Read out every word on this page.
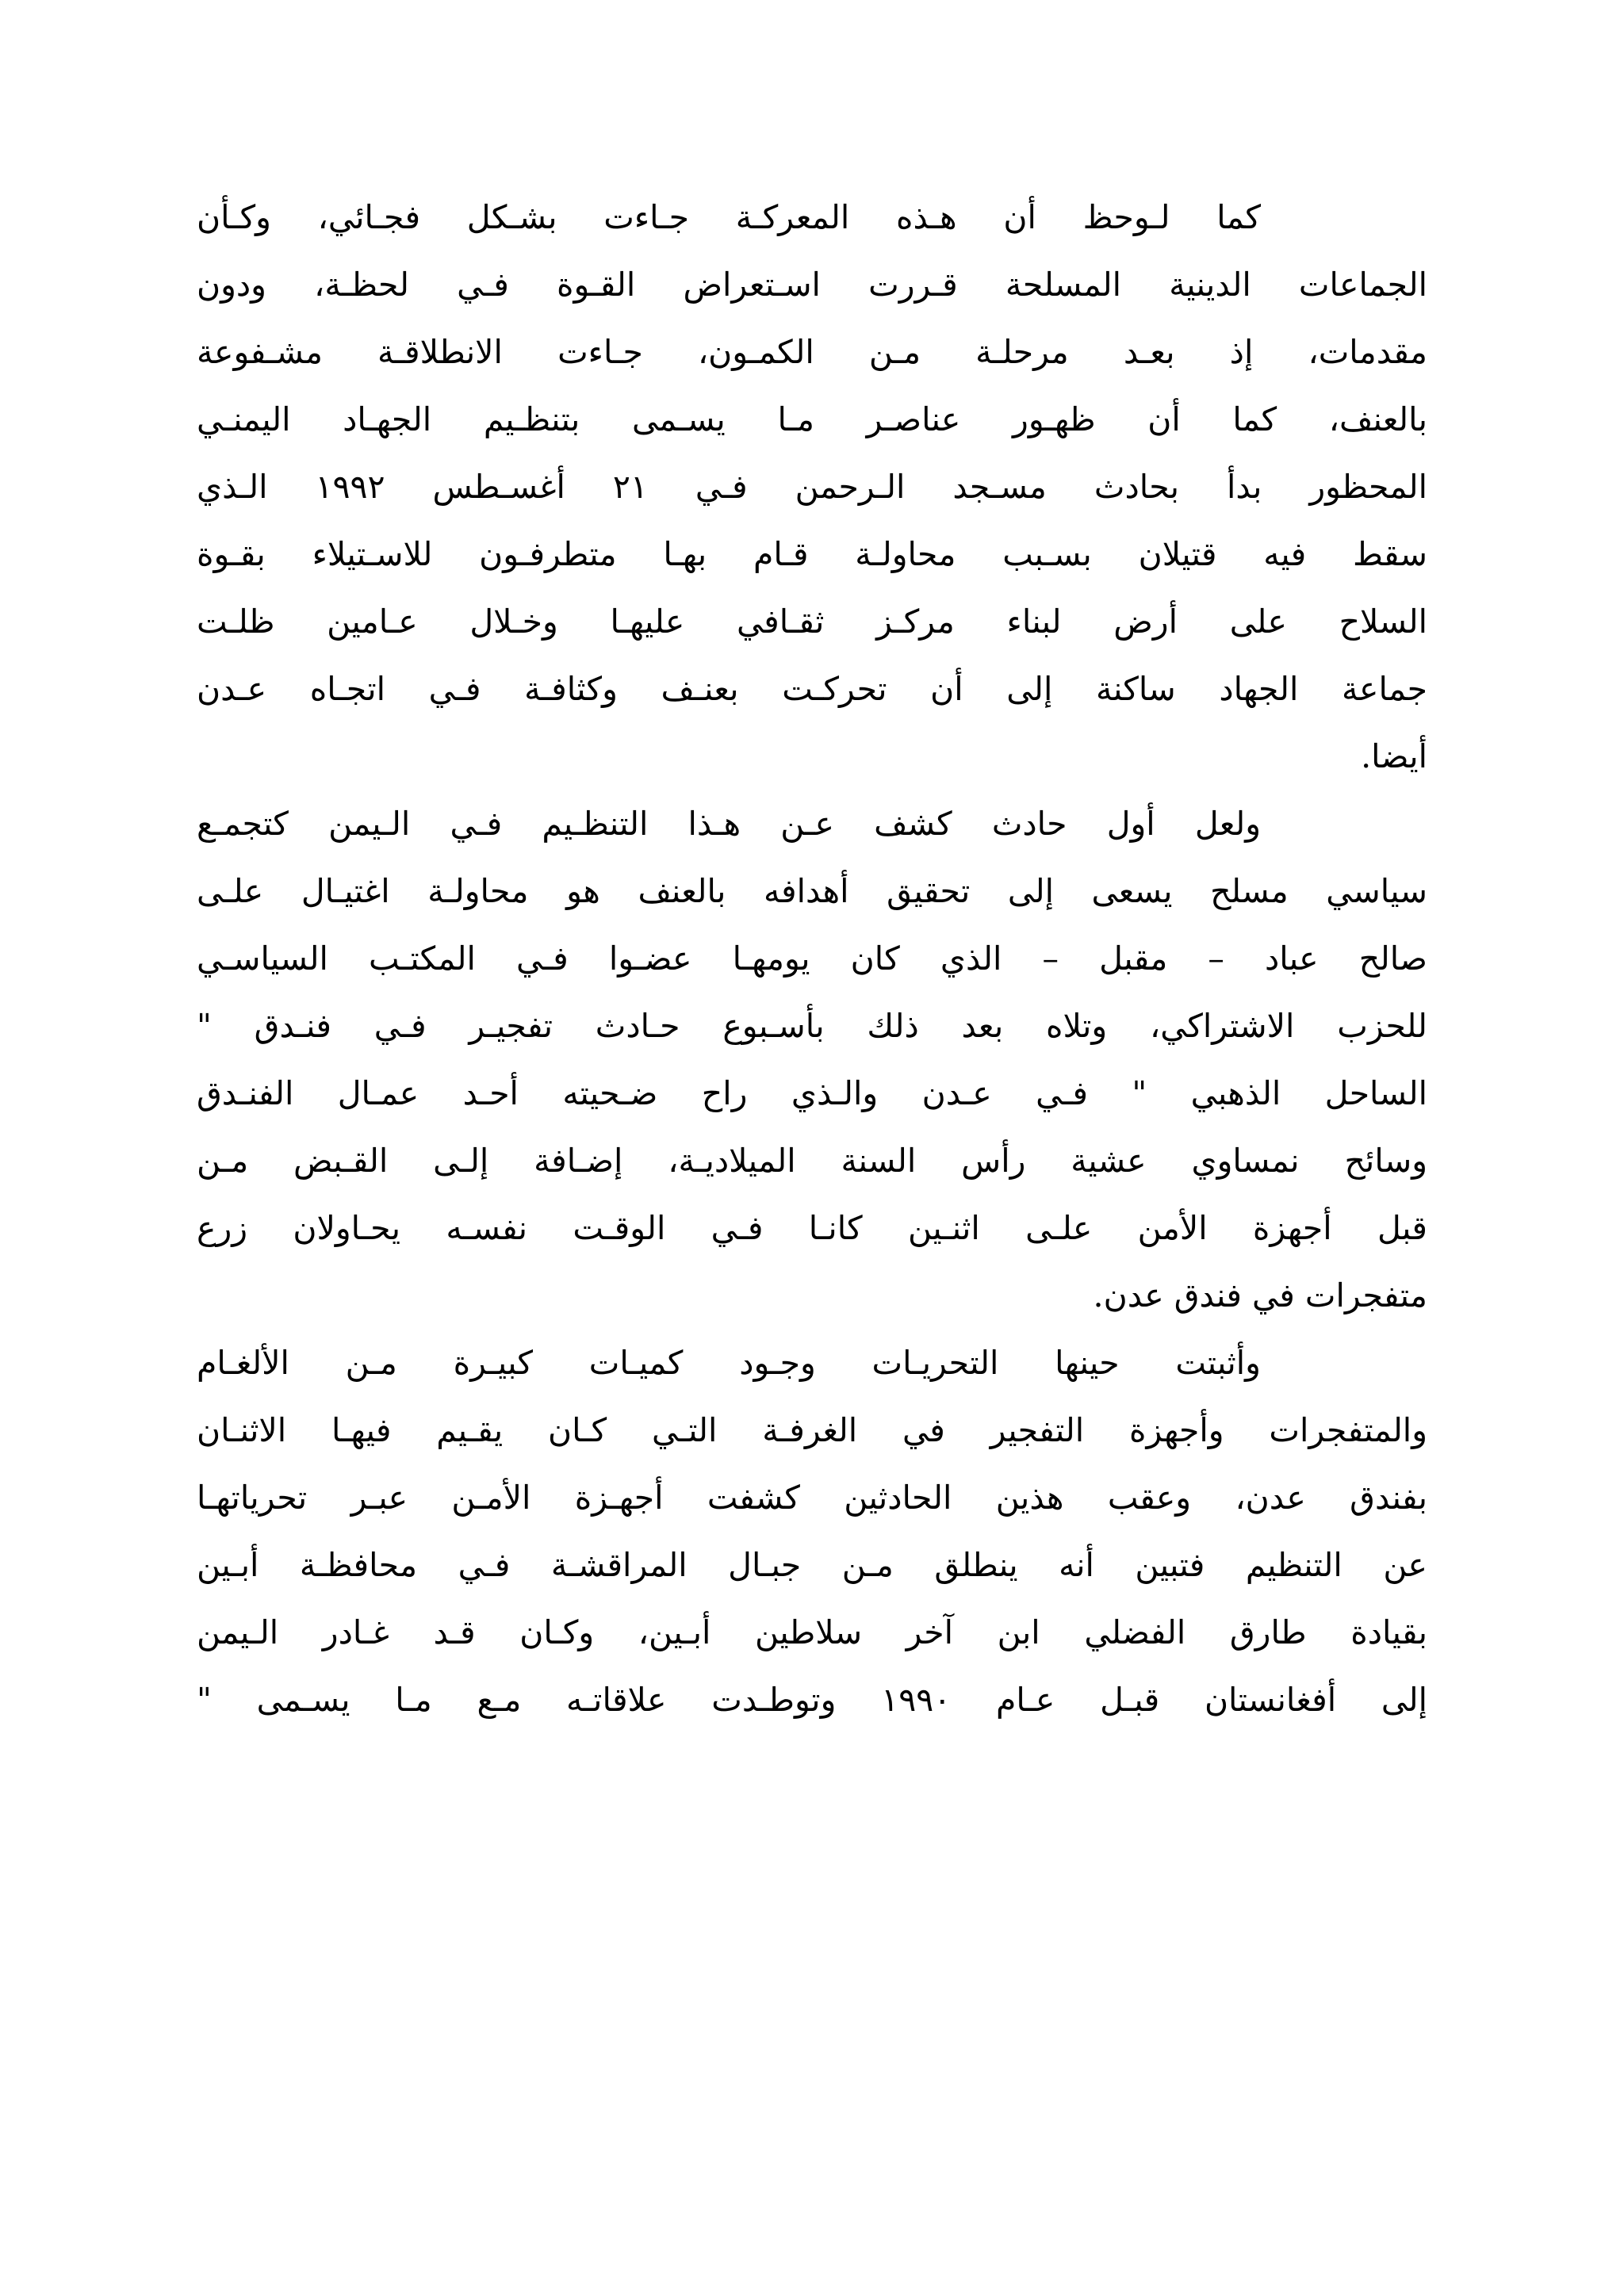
كما لـوحظ أن هـذه المعركـة جـاءت بشـكل فجـائي، وكـأن
الجماعات الدينية المسلحة قـررت اسـتعراض القـوة فـي لحظـة، ودون
مقدمات، إذ بعـد مرحلـة مـن الكمـون، جـاءت الانطلاقـة مشـفوعة
بالعنف، كما أن ظهـور عناصـر مـا يسـمى بتنظـيم الجهـاد اليمنـي
المحظور بدأ بحادث مسـجد الـرحمن فـي ٢١ أغسـطس ١٩٩٢ الـذي
سقط فيه قتيلان بسـبب محاولـة قـام بهـا متطرفـون للاسـتيلاء بقـوة
السلاح على أرض لبناء مركـز ثقـافي عليهـا وخـلال عـامين ظلـت
جماعة الجهاد ساكنة إلى أن تحركـت بعنـف وكثافـة فـي اتجـاه عـدن
أيضا.
ولعل أول حادث كشف عـن هـذا التنظـيم فـي الـيمن كتجمـع
سياسي مسلح يسعى إلى تحقيق أهدافه بالعنف هو محاولـة اغتيـال علـى
صالح عباد – مقبل – الذي كان يومهـا عضـوا فـي المكتـب السياسـي
للحزب الاشتراكي، وتلاه بعد ذلك بأسـبوع حـادث تفجيـر فـي فنـدق "
الساحل الذهبي " فـي عـدن والـذي راح ضـحيته أحـد عمـال الفنـدق
وسائح نمساوي عشية رأس السنة الميلاديـة، إضـافة إلـى القـبض مـن
قبل أجهزة الأمن علـى اثنـين كانـا فـي الوقـت نفسـه يحـاولان زرع
متفجرات في فندق عدن.
وأثبتت حينها التحريـات وجـود كميـات كبيـرة مـن الألغـام
والمتفجرات وأجهزة التفجير في الغرفـة التـي كـان يقـيم فيهـا الاثنـان
بفندق عدن، وعقب هذين الحادثين كشفت أجهـزة الأمـن عبـر تحرياتهـا
عن التنظيم فتبين أنه ينطلق مـن جبـال المراقشـة فـي محافظـة أبـين
بقيادة طارق الفضلي ابن آخر سلاطين أبـين، وكـان قـد غـادر الـيمن
إلى أفغانستان قبـل عـام ١٩٩٠ وتوطـدت علاقاتـه مـع مـا يسـمى "
